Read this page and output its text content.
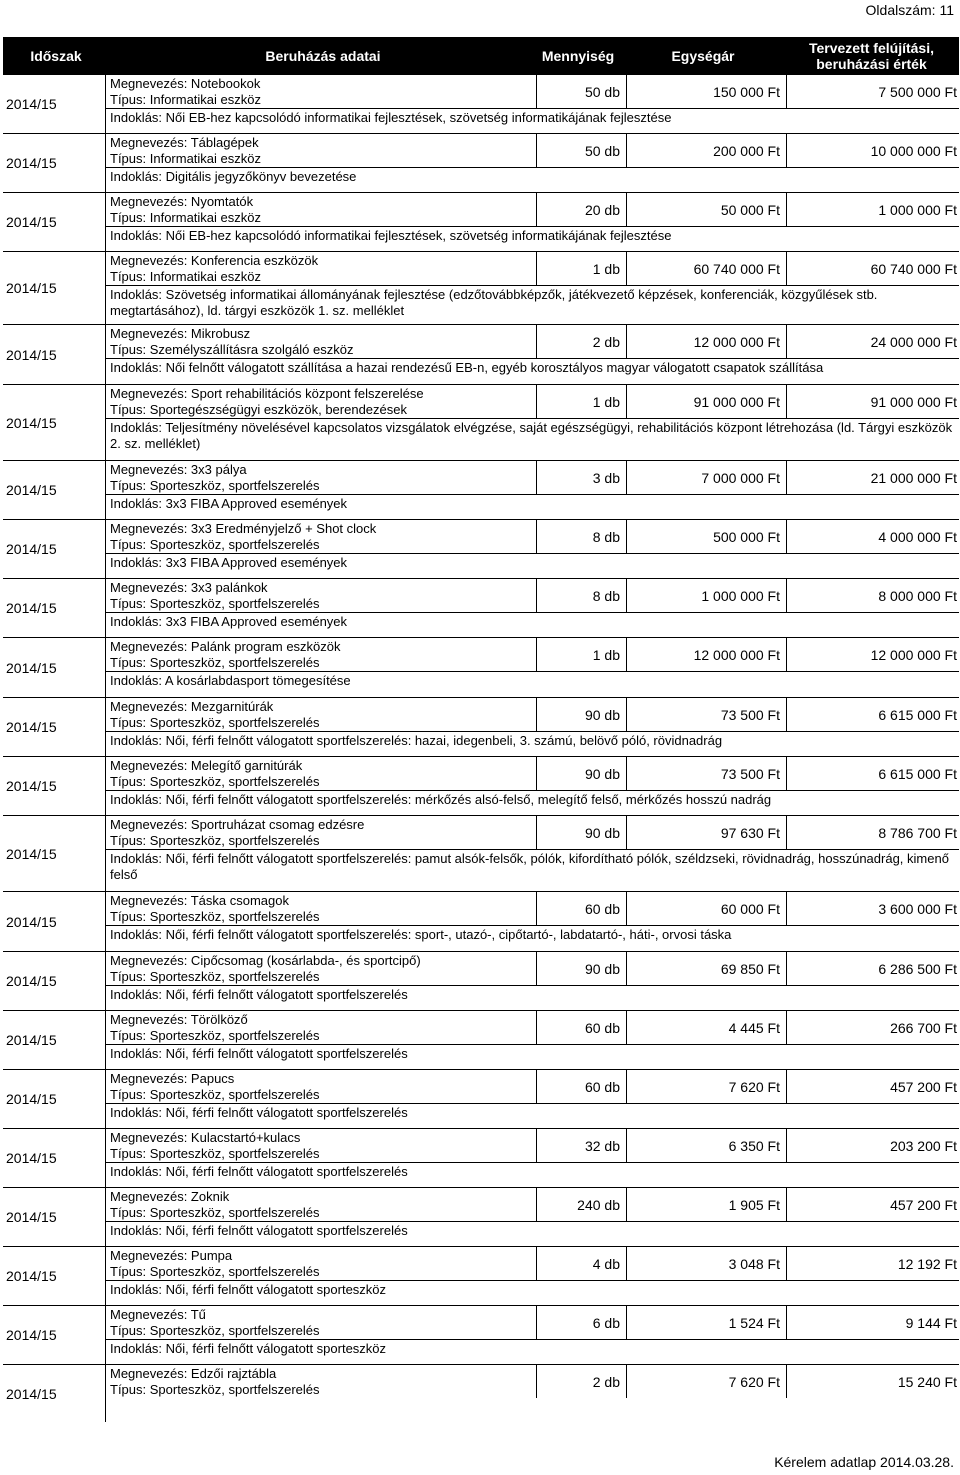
Oldalszám: 11
Időszak	Beruházás adatai	Mennyiség	Egységár	Tervezett felújítási,
beruházási érték
2014/15
Megnevezés: Notebookok
Típus: Informatikai eszköz	50 db	150 000 Ft	7 500 000 Ft
Indoklás: Női EB-hez kapcsolódó informatikai fejlesztések, szövetség informatikájának fejlesztése
2014/15
Megnevezés: Táblagépek
Típus: Informatikai eszköz	50 db	200 000 Ft	10 000 000 Ft
Indoklás: Digitális jegyzőkönyv bevezetése
2014/15
Megnevezés: Nyomtatók
Típus: Informatikai eszköz	20 db	50 000 Ft	1 000 000 Ft
Indoklás: Női EB-hez kapcsolódó informatikai fejlesztések, szövetség informatikájának fejlesztése
2014/15
Megnevezés: Konferencia eszközök
Típus: Informatikai eszköz	1 db	60 740 000 Ft	60 740 000 Ft
Indoklás: Szövetség informatikai állományának fejlesztése (edzőtovábbképzők, játékvezető képzések, konferenciák, közgyűlések stb. megtartásához), ld. tárgyi eszközök 1. sz. melléklet
2014/15
Megnevezés: Mikrobusz
Típus: Személyszállításra szolgáló eszköz	2 db	12 000 000 Ft	24 000 000 Ft
Indoklás: Női felnőtt válogatott szállítása a hazai rendezésű EB-n, egyéb korosztályos magyar válogatott csapatok szállítása
2014/15
Megnevezés: Sport rehabilitációs központ felszerelése
Típus: Sportegészségügyi eszközök, berendezések	1 db	91 000 000 Ft	91 000 000 Ft
Indoklás: Teljesítmény növelésével kapcsolatos vizsgálatok elvégzése, saját egészségügyi, rehabilitációs központ létrehozása (ld. Tárgyi eszközök 2. sz. melléklet)
2014/15
Megnevezés: 3x3 pálya
Típus: Sporteszköz, sportfelszerelés	3 db	7 000 000 Ft	21 000 000 Ft
Indoklás: 3x3 FIBA Approved események
2014/15
Megnevezés: 3x3 Eredményjelző + Shot clock
Típus: Sporteszköz, sportfelszerelés	8 db	500 000 Ft	4 000 000 Ft
Indoklás: 3x3 FIBA Approved események
2014/15
Megnevezés: 3x3 palánkok
Típus: Sporteszköz, sportfelszerelés	8 db	1 000 000 Ft	8 000 000 Ft
Indoklás: 3x3 FIBA Approved események
2014/15
Megnevezés: Palánk program eszközök
Típus: Sporteszköz, sportfelszerelés	1 db	12 000 000 Ft	12 000 000 Ft
Indoklás: A kosárlabdasport tömegesítése
2014/15
Megnevezés: Mezgarnitúrák
Típus: Sporteszköz, sportfelszerelés	90 db	73 500 Ft	6 615 000 Ft
Indoklás: Női, férfi felnőtt válogatott sportfelszerelés: hazai, idegenbeli, 3. számú, belövő póló, rövidnadrág
2014/15
Megnevezés: Melegítő garnitúrák
Típus: Sporteszköz, sportfelszerelés	90 db	73 500 Ft	6 615 000 Ft
Indoklás: Női, férfi felnőtt válogatott sportfelszerelés: mérkőzés alsó-felső, melegítő felső, mérkőzés hosszú nadrág
2014/15
Megnevezés: Sportruházat csomag edzésre
Típus: Sporteszköz, sportfelszerelés	90 db	97 630 Ft	8 786 700 Ft
Indoklás: Női, férfi felnőtt válogatott sportfelszerelés: pamut alsók-felsők, pólók, kifordítható pólók, széldzseki, rövidnadrág, hosszúnadrág, kimenő felső
2014/15
Megnevezés: Táska csomagok
Típus: Sporteszköz, sportfelszerelés	60 db	60 000 Ft	3 600 000 Ft
Indoklás: Női, férfi felnőtt válogatott sportfelszerelés: sport-, utazó-, cipőtartó-, labdatartó-, háti-, orvosi táska
2014/15
Megnevezés: Cipőcsomag (kosárlabda-, és sportcipő)
Típus: Sporteszköz, sportfelszerelés	90 db	69 850 Ft	6 286 500 Ft
Indoklás: Női, férfi felnőtt válogatott sportfelszerelés
2014/15
Megnevezés: Törölköző
Típus: Sporteszköz, sportfelszerelés	60 db	4 445 Ft	266 700 Ft
Indoklás: Női, férfi felnőtt válogatott sportfelszerelés
2014/15
Megnevezés: Papucs
Típus: Sporteszköz, sportfelszerelés	60 db	7 620 Ft	457 200 Ft
Indoklás: Női, férfi felnőtt válogatott sportfelszerelés
2014/15
Megnevezés: Kulacstartó+kulacs
Típus: Sporteszköz, sportfelszerelés	32 db	6 350 Ft	203 200 Ft
Indoklás: Női, férfi felnőtt válogatott sportfelszerelés
2014/15
Megnevezés: Zoknik
Típus: Sporteszköz, sportfelszerelés	240 db	1 905 Ft	457 200 Ft
Indoklás: Női, férfi felnőtt válogatott sportfelszerelés
2014/15
Megnevezés: Pumpa
Típus: Sporteszköz, sportfelszerelés	4 db	3 048 Ft	12 192 Ft
Indoklás: Női, férfi felnőtt válogatott sporteszköz
2014/15
Megnevezés: Tű
Típus: Sporteszköz, sportfelszerelés	6 db	1 524 Ft	9 144 Ft
Indoklás: Női, férfi felnőtt válogatott sporteszköz
2014/15
Megnevezés: Edzői rajztábla
Típus: Sporteszköz, sportfelszerelés	2 db	7 620 Ft	15 240 Ft
Kérelem adatlap 2014.03.28.
